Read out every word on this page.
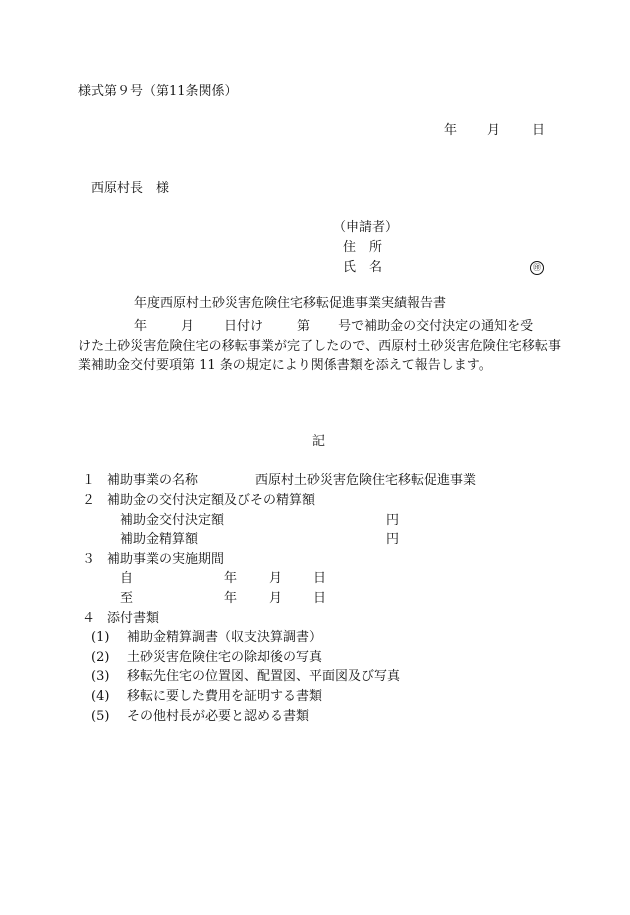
様式第９号（第11条関係）
年 月 日
西原村長　様
（申請者）
住　所
氏　名	㊞
年度西原村土砂災害危険住宅移転促進事業実績報告書
年	月 日付け	第 号で補助金の交付決定の通知を受
けた土砂災害危険住宅の移転事業が完了したので、西原村土砂災害危険住宅移転事業補助金交付要項第 11 条の規定により関係書類を添えて報告します。
記
１ 補助事業の名称	西原村土砂災害危険住宅移転促進事業
２ 補助金の交付決定額及びその精算額
補助金交付決定額	円
補助金精算額	円
３ 補助事業の実施期間
自	年 月 日
至	年 月 日
４ 添付書類
(1) 補助金精算調書（収支決算調書）
(2) 土砂災害危険住宅の除却後の写真
(3) 移転先住宅の位置図、配置図、平面図及び写真
(4) 移転に要した費用を証明する書類
(5) その他村長が必要と認める書類
